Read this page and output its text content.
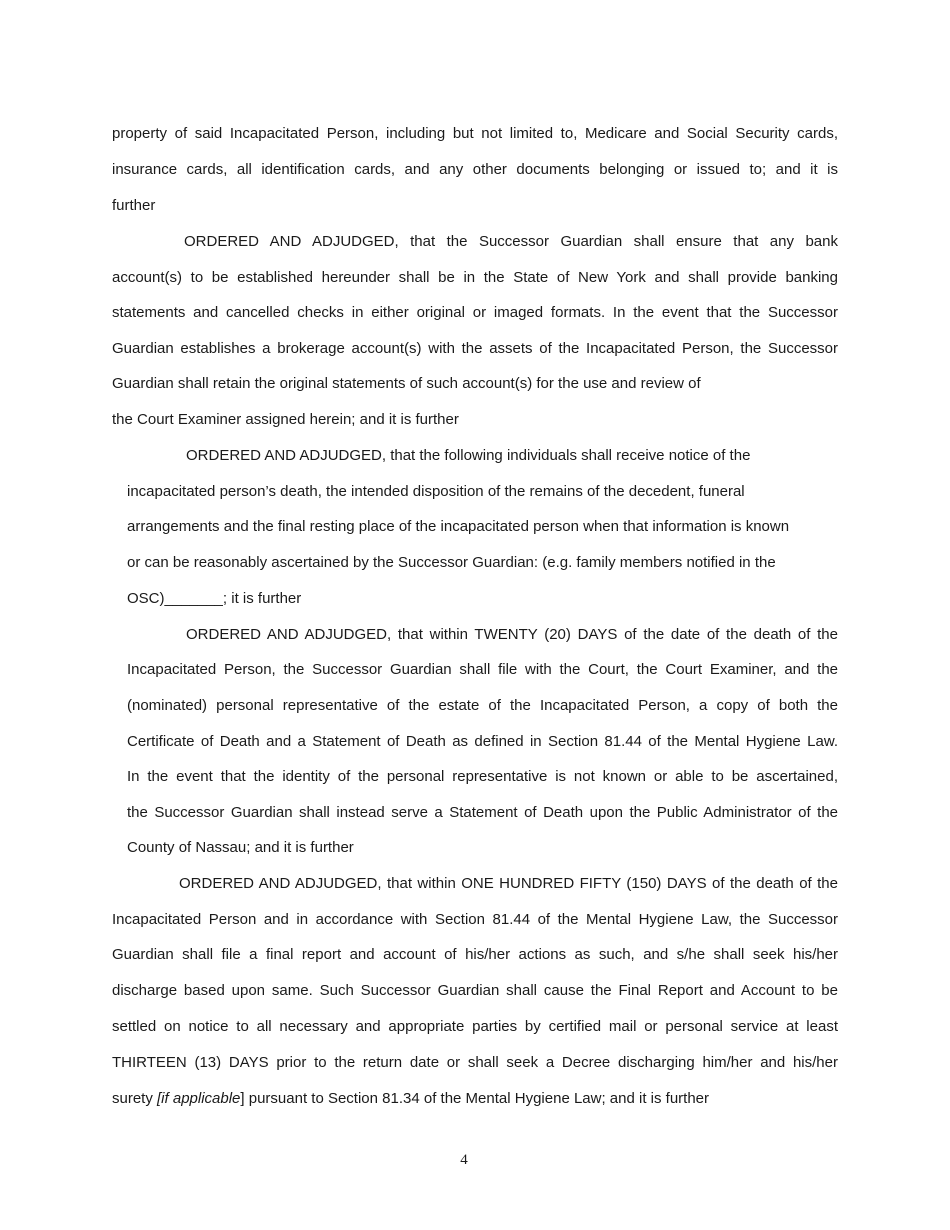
property of said Incapacitated Person, including but not limited to, Medicare and Social Security cards,
insurance cards, all identification cards, and any other documents belonging or issued to; and it is
further
ORDERED AND ADJUDGED, that the Successor Guardian shall ensure that any bank
account(s) to be established hereunder shall be in the State of New York and shall provide banking
statements and cancelled checks in either original or imaged formats. In the event that the Successor
Guardian establishes a brokerage account(s) with the assets of the Incapacitated Person, the Successor
Guardian shall retain the original statements of such account(s) for the use and review of
the Court Examiner assigned herein; and it is further
ORDERED AND ADJUDGED, that the following individuals shall receive notice of the
incapacitated person’s death, the intended disposition of the remains of the decedent, funeral
arrangements and the final resting place of the incapacitated person when that information is known
or can be reasonably ascertained by the Successor Guardian: (e.g. family members notified in the
OSC)_______; it is further
ORDERED AND ADJUDGED, that within TWENTY (20) DAYS of the date of the death of the
Incapacitated Person, the Successor Guardian shall file with the Court, the Court Examiner, and the
(nominated) personal representative of the estate of the Incapacitated Person, a copy of both the
Certificate of Death and a Statement of Death as defined in Section 81.44 of the Mental Hygiene Law.
In the event that the identity of the personal representative is not known or able to be ascertained,
the Successor Guardian shall instead serve a Statement of Death upon the Public Administrator of the
County of Nassau; and it is further
ORDERED AND ADJUDGED, that within ONE HUNDRED FIFTY (150) DAYS of the death of the
Incapacitated Person and in accordance with Section 81.44 of the Mental Hygiene Law, the Successor
Guardian shall file a final report and account of his/her actions as such, and s/he shall seek his/her
discharge based upon same. Such Successor Guardian shall cause the Final Report and Account to be
settled on notice to all necessary and appropriate parties by certified mail or personal service at least
THIRTEEN (13) DAYS prior to the return date or shall seek a Decree discharging him/her and his/her
surety [if applicable] pursuant to Section 81.34 of the Mental Hygiene Law; and it is further
4
